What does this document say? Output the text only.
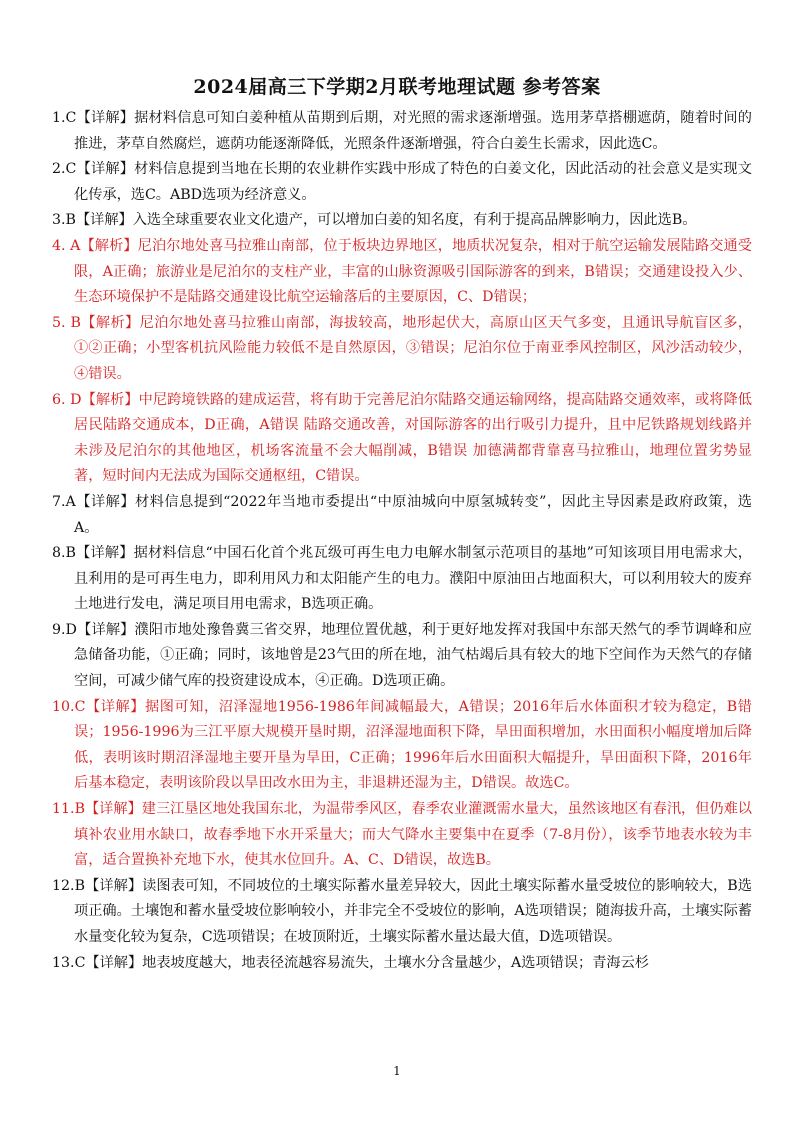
2024届高三下学期2月联考地理试题 参考答案

1.C【详解】据材料信息可知白姜种植从苗期到后期，对光照的需求逐渐增强。选用茅草搭棚遮荫，随着时间的推进，茅草自然腐烂，遮荫功能逐渐降低，光照条件逐渐增强，符合白姜生长需求，因此选C。

2.C【详解】材料信息提到当地在长期的农业耕作实践中形成了特色的白姜文化，因此活动的社会意义是实现文化传承，选C。ABD选项为经济意义。

3.B【详解】入选全球重要农业文化遗产，可以增加白姜的知名度，有利于提高品牌影响力，因此选B。

4. A【解析】尼泊尔地处喜马拉雅山南部，位于板块边界地区，地质状况复杂，相对于航空运输发展陆路交通受限，A正确；旅游业是尼泊尔的支柱产业，丰富的山脉资源吸引国际游客的到来，B错误；交通建设投入少、生态环境保护不是陆路交通建设比航空运输落后的主要原因，C、D错误；

5. B【解析】尼泊尔地处喜马拉雅山南部，海拔较高，地形起伏大，高原山区天气多变，且通讯导航盲区多，①②正确；小型客机抗风险能力较低不是自然原因，③错误；尼泊尔位于南亚季风控制区，风沙活动较少，④错误。

6. D【解析】中尼跨境铁路的建成运营，将有助于完善尼泊尔陆路交通运输网络，提高陆路交通效率，或将降低居民陆路交通成本，D正确，A错误 陆路交通改善，对国际游客的出行吸引力提升，且中尼铁路规划线路并未涉及尼泊尔的其他地区，机场客流量不会大幅削减，B错误 加德满都背靠喜马拉雅山，地理位置劣势显著，短时间内无法成为国际交通枢纽，C错误。

7.A【详解】材料信息提到“2022年当地市委提出“中原油城向中原氢城转变”，因此主导因素是政府政策，选A。

8.B【详解】据材料信息“中国石化首个兆瓦级可再生电力电解水制氢示范项目的基地”可知该项目用电需求大，且利用的是可再生电力，即利用风力和太阳能产生的电力。濮阳中原油田占地面积大，可以利用较大的废弃土地进行发电，满足项目用电需求，B选项正确。

9.D【详解】濮阳市地处豫鲁冀三省交界，地理位置优越，利于更好地发挥对我国中东部天然气的季节调峰和应急储备功能，①正确；同时，该地曾是23气田的所在地，油气枯竭后具有较大的地下空间作为天然气的存储空间，可减少储气库的投资建设成本，④正确。D选项正确。

10.C【详解】据图可知，沼泽湿地1956-1986年间减幅最大，A错误；2016年后水体面积才较为稳定，B错误；1956-1996为三江平原大规模开垦时期，沼泽湿地面积下降，旱田面积增加，水田面积小幅度增加后降低，表明该时期沼泽湿地主要开垦为旱田，C正确；1996年后水田面积大幅提升，旱田面积下降，2016年后基本稳定，表明该阶段以旱田改水田为主，非退耕还湿为主，D错误。故选C。

11.B【详解】建三江垦区地处我国东北，为温带季风区，春季农业灌溉需水量大，虽然该地区有春汛，但仍难以填补农业用水缺口，故春季地下水开采量大；而大气降水主要集中在夏季（7-8月份），该季节地表水较为丰富，适合置换补充地下水，使其水位回升。A、C、D错误，故选B。

12.B【详解】读图表可知，不同坡位的土壤实际蓄水量差异较大，因此土壤实际蓄水量受坡位的影响较大，B选项正确。土壤饱和蓄水量受坡位影响较小，并非完全不受坡位的影响，A选项错误；随海拔升高，土壤实际蓄水量变化较为复杂，C选项错误；在坡顶附近，土壤实际蓄水量达最大值，D选项错误。

13.C【详解】地表坡度越大，地表径流越容易流失，土壤水分含量越少，A选项错误；青海云杉

1
